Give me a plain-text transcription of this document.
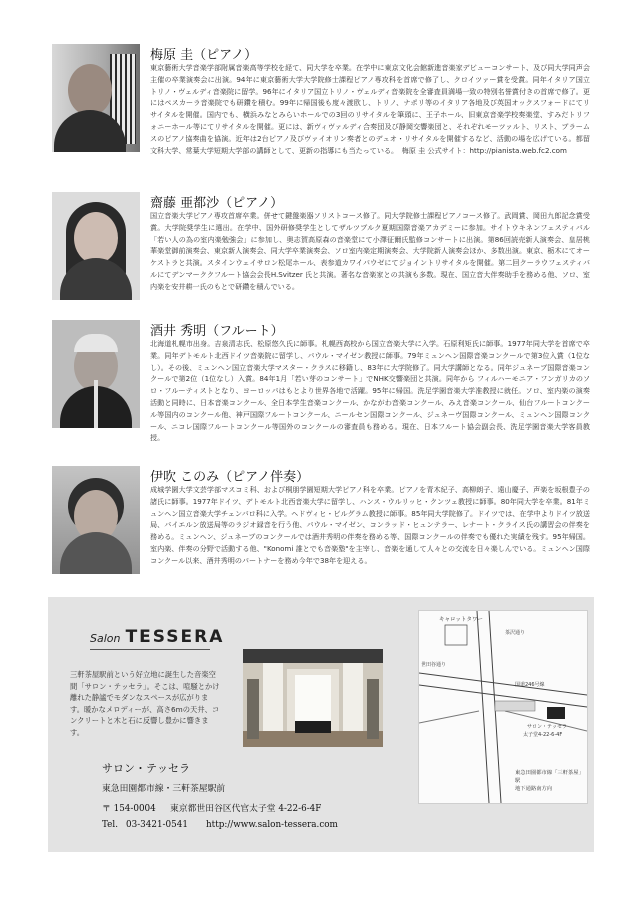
梅原 圭（ピアノ）

東京藝術大学音楽学部附属音楽高等学校を経て、同大学を卒業。在学中に東京文化会館新進音楽家デビューコンサート、及び同大学同声会主催の卒業演奏会に出演。94年に東京藝術大学大学院修士課程ピアノ専攻科を首席で修了し、クロイツァー賞を受賞。同年イタリア国立トリノ・ヴェルディ音楽院に留学。96年にイタリア国立トリノ・ヴェルディ音楽院を全審査員満場一致の特別名誉賞付きの首席で修了。更にはペスカーラ音楽院でも研鑽を積む。99年に帰国後も度々渡欧し、トリノ、ナポリ等のイタリア各地及び英国オックスフォードにてリサイタルを開催。国内でも、横浜みなとみらいホールでの3回のリサイタルを筆頭に、王子ホール、旧東京音楽学校奏楽堂、すみだトリフォニーホール等にてリサイタルを開催。更には、新ヴィヴァルディ合奏団及び静岡交響楽団と、それぞれモーツァルト、リスト、ブラームスのピアノ協奏曲を協演。近年は2台ピアノ及びヴァイオリン奏者とのデュオ・リサイタルを開催するなど、活動の場を広げている。都留文科大学、常葉大学短期大学部の講師として、更新の指導にも当たっている。　梅原 圭 公式サイト：http://pianista.web.fc2.com

齋藤 亜都沙（ピアノ）

国立音楽大学ピアノ専攻首席卒業。併せて鍵盤楽器ソリストコース修了。同大学院修士課程ピアノコース修了。武岡賞、岡田九郎記念賞受賞。大学院奨学生に選出。在学中、国外研修奨学生としてザルツブルク夏期国際音楽アカデミーに参加。サイトウキネンフェスティバル「若い人の為の室内楽勉強会」に参加し、奥志賀高原森の音楽堂にて小澤征爾氏監修コンサートに出演。第86回読売新人演奏会、皇居桃華楽堂御前演奏会、東京新人演奏会、同大学卒業演奏会、ソロ室内楽定期演奏会、大学院新人演奏会ほか、多数出演。東京、栃木にてオーケストラと共演。スタインウェイサロン松尾ホール、表参道カワイパウゼにてジョイントリサイタルを開催。第二回クーラウフェスティバルにてデンマーククフルート協会会長H.Svitzer 氏と共演。著名な音楽家との共演も多数。現在、国立音大伴奏助手を務める他、ソロ、室内楽を安井耕一氏のもとで研鑽を積んでいる。

酒井 秀明（フルート）

北海道札幌市出身。吉泉清志氏、松原悠久氏に師事。札幌西高校から国立音楽大学に入学。石原利矩氏に師事。1977年同大学を首席で卒業。同年デトモルト北西ドイツ音楽院に留学し、パウル・マイゼン教授に師事。79年ミュンヘン国際音楽コンクールで第3位入賞（1位なし）。その後、ミュンヘン国立音楽大学マスター・クラスに移籍し、83年に大学院修了。同大学講師となる。同年ジュネーブ国際音楽コンクールで第2位（1位なし）入賞。84年1月「若い芽のコンサート」でNHK交響楽団と共演。同年から フィルハーモニア・フンガリカのソロ・フルーティストとなり、ヨーロッパはもとより世界各地で活躍。95年に帰国。洗足学園音楽大学准教授に就任。ソロ、室内楽の演奏活動と同時に、日本音楽コンクール、全日本学生音楽コンクール、かながわ音楽コンクール、みえ音楽コンクール、仙台フルートコンクール等国内のコンクール他、神戸国際フルートコンクール、ニールセン国際コンクール、ジュネーヴ国際コンクール、ミュンヘン国際コンクール、ニコレ国際フルートコンクール等国外のコンクールの審査員も務める。現在、日本フルート協会副会長、洗足学園音楽大学客員教授。

伊吹 このみ（ピアノ伴奏）

成城学園大学文芸学部マスコミ科、および桐朋学園短期大学ピアノ科を卒業。ピアノを青木紀子、高柳朗子、遠山慶子、声楽を坂根豊子の諸氏に師事。1977年ドイツ、デトモルト北西音楽大学に留学し、ハンス・ウルリッヒ・クンツェ教授に師事。80年同大学を卒業。81年ミュンヘン国立音楽大学チェンバロ科に入学。ヘドヴィヒ・ビルグラム教授に師事。85年同大学院修了。ドイツでは、在学中よりドイツ放送局、バイエルン放送局等のラジオ録音を行う他、パウル・マイゼン、コンラッド・ヒュンテラー、レナート・クライス氏の講習会の伴奏を務める。ミュンヘン、ジュネーブのコンクールでは酒井秀明の伴奏を務める等、国際コンクールの伴奏でも優れた実績を残す。95年帰国。室内楽、伴奏の分野で活動する他、"Konomi 誰とでも音楽塾"を主宰し、音楽を通して人々との交流を日々楽しんでいる。ミュンヘン国際コンクール以来、酒井秀明のパートナーを務め今年で38年を迎える。

Salon TESSERA

三軒茶屋駅前という好立地に誕生した音楽空間「サロン・テッセラ」。そこは、喧騒とかけ離れた静謐でモダンなスペースが広がります。暖かなメロディーが、高さ6mの天井、コンクリートと木と石に反響し豊かに響きます。

キャロットタワー
世田谷通り
茶沢通り
国道246号線
サロン・テッセラ
太子堂4-22-6-4F
東急田園都市線「三軒茶屋」駅
地下通路南方向
サロン・テッセラ
東急田園都市線・三軒茶屋駅前
〒 154-0004 東京都世田谷区代官太子堂 4-22-6-4F
Tel. 03-3421-0541 http://www.salon-tessera.com
